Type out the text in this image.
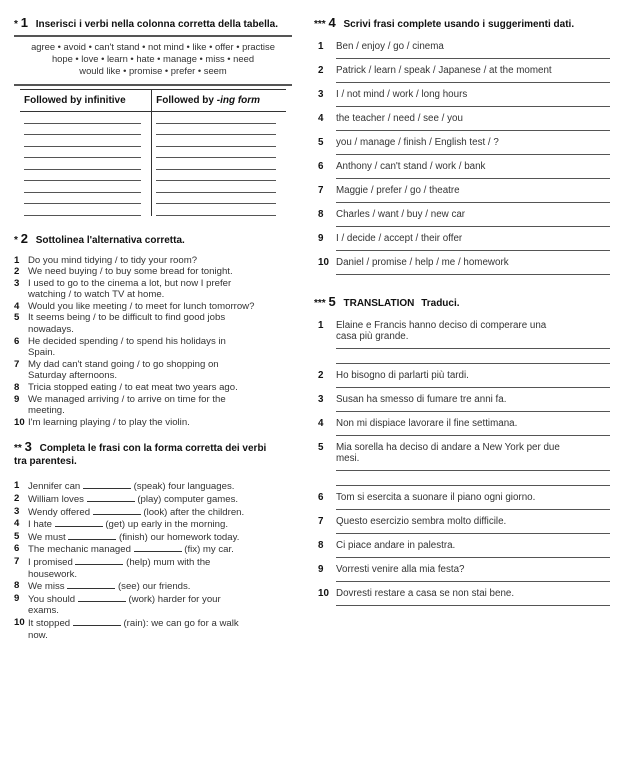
* 1 Inserisci i verbi nella colonna corretta della tabella.
agree • avoid • can't stand • not mind • like • offer • practise
hope • love • learn • hate • manage • miss • need
would like • promise • prefer • seem
Followed by infinitive	Followed by -ing form

* 2 Sottolinea l'alternativa corretta.
1 Do you mind tidying / to tidy your room?
2 We need buying / to buy some bread for tonight.
3 I used to go to the cinema a lot, but now I prefer
watching / to watch TV at home.
4 Would you like meeting / to meet for lunch tomorrow?
5 It seems being / to be difficult to find good jobs
nowadays.
6 He decided spending / to spend his holidays in
Spain.
7 My dad can't stand going / to go shopping on
Saturday afternoons.
8 Tricia stopped eating / to eat meat two years ago.
9 We managed arriving / to arrive on time for the
meeting.
10 I'm learning playing / to play the violin.
** 3 Completa le frasi con la forma corretta dei verbi
tra parentesi.
1 Jennifer can	(speak) four languages.
2 William loves	(play) computer games.
3 Wendy offered	(look) after the children.
4 I hate	(get) up early in the morning.
5 We must	(finish) our homework today.
6 The mechanic managed	(fix) my car.
7 I promised	(help) mum with the
housework.
8 We miss	(see) our friends.
9 You should	(work) harder for your
exams.
10 It stopped	(rain): we can go for a walk
now.
*** 4 Scrivi frasi complete usando i suggerimenti dati.
1 Ben / enjoy / go / cinema
2 Patrick / learn / speak / Japanese / at the moment
3 I / not mind / work / long hours
4 the teacher / need / see / you
5 you / manage / finish / English test / ?
6 Anthony / can't stand / work / bank
7 Maggie / prefer / go / theatre
8 Charles / want / buy / new car
9 I / decide / accept / their offer
10 Daniel / promise / help / me / homework
*** 5 TRANSLATION Traduci.
1 Elaine e Francis hanno deciso di comperare una
casa più grande.
2 Ho bisogno di parlarti più tardi.
3 Susan ha smesso di fumare tre anni fa.
4 Non mi dispiace lavorare il fine settimana.
5 Mia sorella ha deciso di andare a New York per due
mesi.
6 Tom si esercita a suonare il piano ogni giorno.
7 Questo esercizio sembra molto difficile.
8 Ci piace andare in palestra.
9 Vorresti venire alla mia festa?
10 Dovresti restare a casa se non stai bene.
